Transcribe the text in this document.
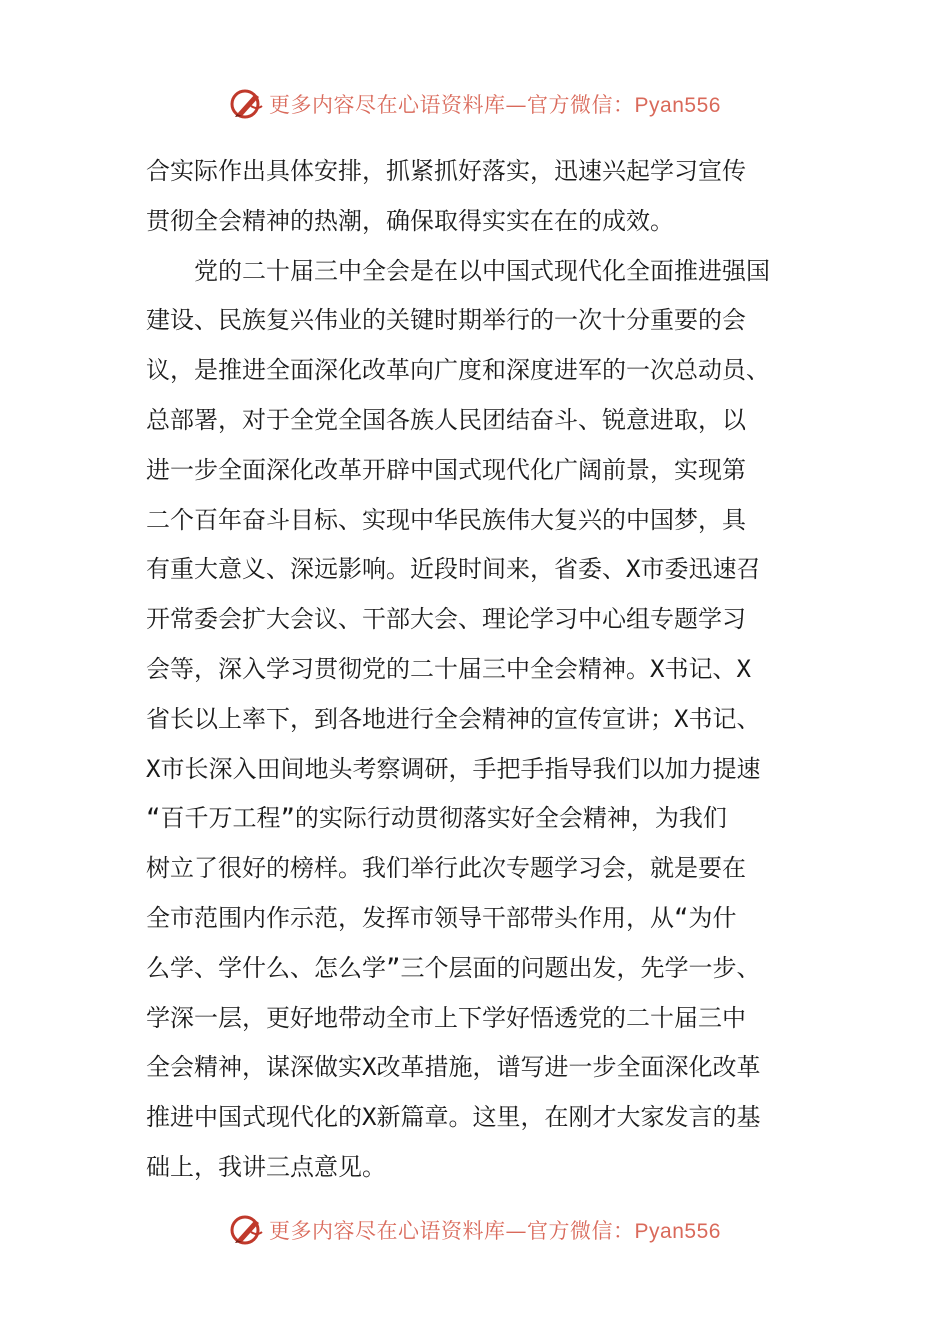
更多内容尽在心语资料库—官方微信：Pyan556
合实际作出具体安排，抓紧抓好落实，迅速兴起学习宣传
贯彻全会精神的热潮，确保取得实实在在的成效。
党的二十届三中全会是在以中国式现代化全面推进强国
建设、民族复兴伟业的关键时期举行的一次十分重要的会
议，是推进全面深化改革向广度和深度进军的一次总动员、
总部署，对于全党全国各族人民团结奋斗、锐意进取，以
进一步全面深化改革开辟中国式现代化广阔前景，实现第
二个百年奋斗目标、实现中华民族伟大复兴的中国梦，具
有重大意义、深远影响。近段时间来，省委、X市委迅速召
开常委会扩大会议、干部大会、理论学习中心组专题学习
会等，深入学习贯彻党的二十届三中全会精神。X书记、X
省长以上率下，到各地进行全会精神的宣传宣讲；X书记、
X市长深入田间地头考察调研，手把手指导我们以加力提速
“百千万工程”的实际行动贯彻落实好全会精神，为我们
树立了很好的榜样。我们举行此次专题学习会，就是要在
全市范围内作示范，发挥市领导干部带头作用，从“为什
么学、学什么、怎么学”三个层面的问题出发，先学一步、
学深一层，更好地带动全市上下学好悟透党的二十届三中
全会精神，谋深做实X改革措施，谱写进一步全面深化改革
推进中国式现代化的X新篇章。这里，在刚才大家发言的基
础上，我讲三点意见。
更多内容尽在心语资料库—官方微信：Pyan556
